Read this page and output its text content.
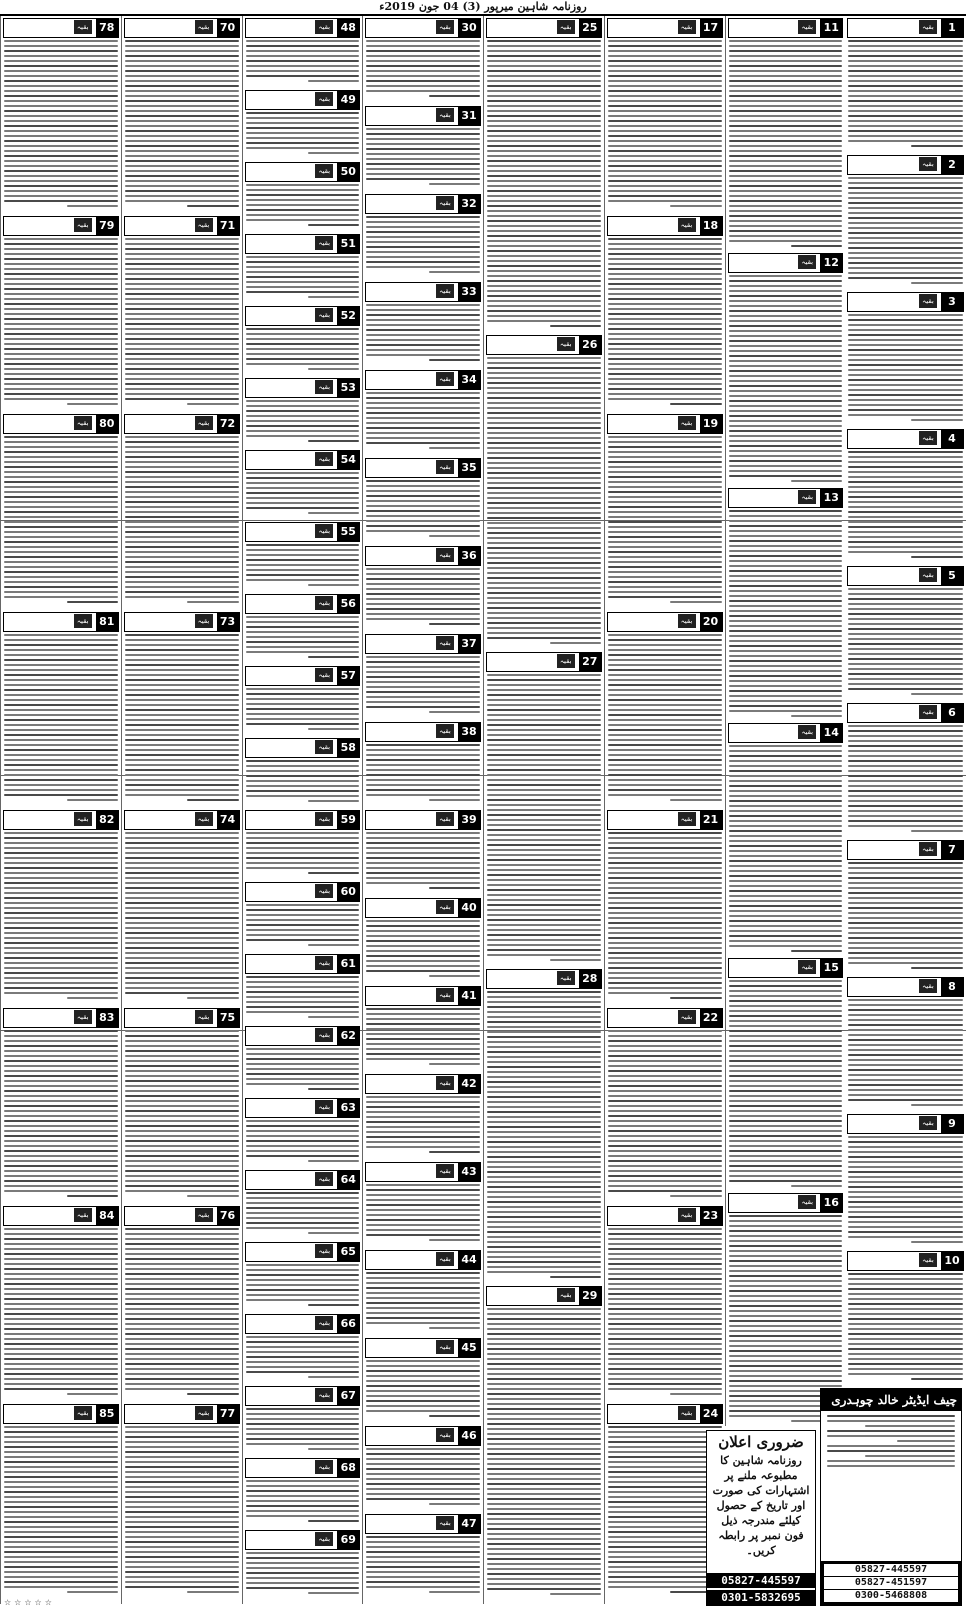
روزنامہ شاہین میرپور (3) 04 جون 2019ء
1
بقیہ
2
بقیہ
3
بقیہ
4
بقیہ
5
بقیہ
6
بقیہ
7
بقیہ
8
بقیہ
9
بقیہ
10
بقیہ
11
بقیہ
12
بقیہ
13
بقیہ
14
بقیہ
15
بقیہ
16
بقیہ
17
بقیہ
18
بقیہ
19
بقیہ
20
بقیہ
21
بقیہ
22
بقیہ
23
بقیہ
24
بقیہ
25
بقیہ
26
بقیہ
27
بقیہ
28
بقیہ
29
بقیہ
30
بقیہ
31
بقیہ
32
بقیہ
33
بقیہ
34
بقیہ
35
بقیہ
36
بقیہ
37
بقیہ
38
بقیہ
39
بقیہ
40
بقیہ
41
بقیہ
42
بقیہ
43
بقیہ
44
بقیہ
45
بقیہ
46
بقیہ
47
بقیہ
48
بقیہ
49
بقیہ
50
بقیہ
51
بقیہ
52
بقیہ
53
بقیہ
54
بقیہ
55
بقیہ
56
بقیہ
57
بقیہ
58
بقیہ
59
بقیہ
60
بقیہ
61
بقیہ
62
بقیہ
63
بقیہ
64
بقیہ
65
بقیہ
66
بقیہ
67
بقیہ
68
بقیہ
69
بقیہ
70
بقیہ
71
بقیہ
72
بقیہ
73
بقیہ
74
بقیہ
75
بقیہ
76
بقیہ
77
بقیہ
78
بقیہ
79
بقیہ
80
بقیہ
81
بقیہ
82
بقیہ
83
بقیہ
84
بقیہ
85
بقیہ
ضروری اعلان
روزنامہ شاہین کا مطبوعہ ملنے پر اشتہارات کی صورت اور تاریخ کے حصول کیلئے مندرجہ ذیل فون نمبر پر رابطہ کریں۔
05827-445597
0301-5832695
چیف ایڈیٹر خالد چوہدری
05827-445597
05827-451597
0300-5468808
☆☆☆☆☆
